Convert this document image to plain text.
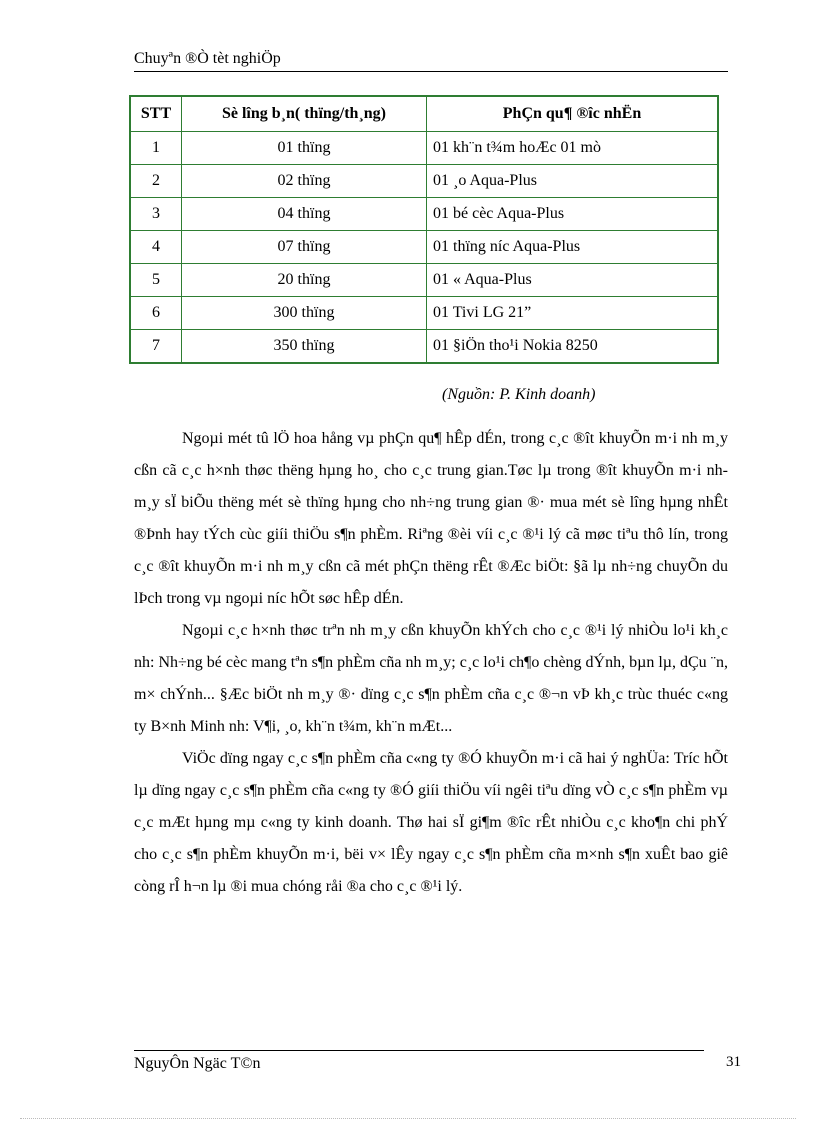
Chuyªn ®Ò tèt nghiÖp
STT	Sè lîng b¸n( thïng/th¸ng)	PhÇn qu¶ ®îc nhËn
1	01 thïng	01 kh¨n t¾m hoÆc 01 mò
2	02 thïng	01 ¸o Aqua-Plus
3	04 thïng	01 bé cèc Aqua-Plus
4	07 thïng	01 thïng níc Aqua-Plus
5	20 thïng	01 « Aqua-Plus
6	300 thïng	01 Tivi LG 21”
7	350 thïng	01 §iÖn tho¹i Nokia 8250
(Nguồn: P. Kinh doanh)

Ngoµi mét tû lÖ hoa hång vµ phÇn qu¶ hÊp dÉn, trong c¸c ®ît khuyÕn m·i nh m¸y cßn cã c¸c h×nh thøc thëng hµng ho¸ cho c¸c trung gian.Tøc lµ trong ®ît khuyÕn m·i nh m¸y sÏ biÕu thëng mét sè thïng hµng cho nh÷ng trung gian ®· mua mét sè lîng hµng nhÊt ®Þnh hay tÝch cùc giíi thiÖu s¶n phÈm. Riªng ®èi víi c¸c ®¹i lý cã møc tiªu thô lín, trong c¸c ®ît khuyÕn m·i nh m¸y cßn cã mét phÇn thëng rÊt ®Æc biÖt: §ã lµ nh÷ng chuyÕn du lÞch trong vµ ngoµi níc hÕt søc hÊp dÉn.

Ngoµi c¸c h×nh thøc trªn nh m¸y cßn khuyÕn khÝch cho c¸c ®¹i lý nhiÒu lo¹i kh¸c nh: Nh÷ng bé cèc mang tªn s¶n phÈm cña nh m¸y; c¸c lo¹i ch¶o chèng dÝnh, bµn lµ, dÇu ¨n, m× chÝnh... §Æc biÖt nh m¸y ®· dïng c¸c s¶n phÈm cña c¸c ®¬n vÞ kh¸c trùc thuéc c«ng ty B×nh Minh nh: V¶i, ¸o, kh¨n t¾m, kh¨n mÆt...

ViÖc dïng ngay c¸c s¶n phÈm cña c«ng ty ®Ó khuyÕn m·i cã hai ý nghÜa: Tríc hÕt lµ dïng ngay c¸c s¶n phÈm cña c«ng ty ®Ó giíi thiÖu víi ngêi tiªu dïng vÒ c¸c s¶n phÈm vµ c¸c mÆt hµng mµ c«ng ty kinh doanh. Thø hai sÏ gi¶m ®îc rÊt nhiÒu c¸c kho¶n chi phÝ cho c¸c s¶n phÈm khuyÕn m·i, bëi v× lÊy ngay c¸c s¶n phÈm cña m×nh s¶n xuÊt bao giê còng rÎ h¬n lµ ®i mua chóng råi ®a cho c¸c ®¹i lý.

NguyÔn Ngäc T©n	31
